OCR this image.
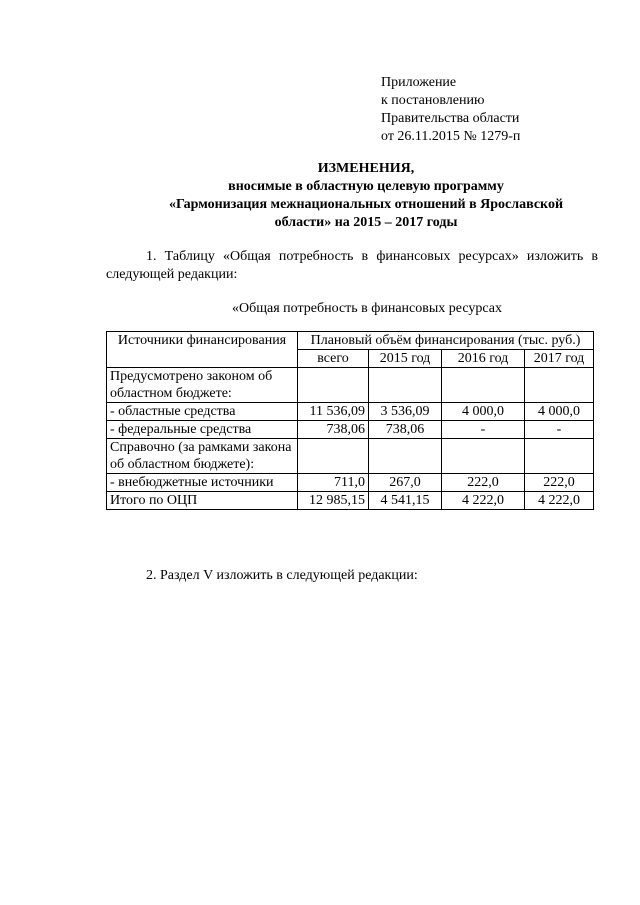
Приложение
к постановлению
Правительства области
от 26.11.2015 № 1279-п
ИЗМЕНЕНИЯ,
вносимые в областную целевую программу
«Гармонизация межнациональных отношений в Ярославской
области» на 2015 – 2017 годы
1. Таблицу «Общая потребность в финансовых ресурсах» изложить в следующей редакции:
«Общая потребность в финансовых ресурсах
Источники финансирования	Плановый объём финансирования (тыс. руб.)			
	всего	2015 год	2016 год	2017 год
Предусмотрено законом об областном бюджете:				
- областные средства	11 536,09	3 536,09	4 000,0	4 000,0
- федеральные средства	738,06	738,06	-	-
Справочно (за рамками закона об областном бюджете):				
- внебюджетные источники	711,0	267,0	222,0	222,0
Итого по ОЦП	12 985,15	4 541,15	4 222,0	4 222,0
2. Раздел V изложить в следующей редакции:
